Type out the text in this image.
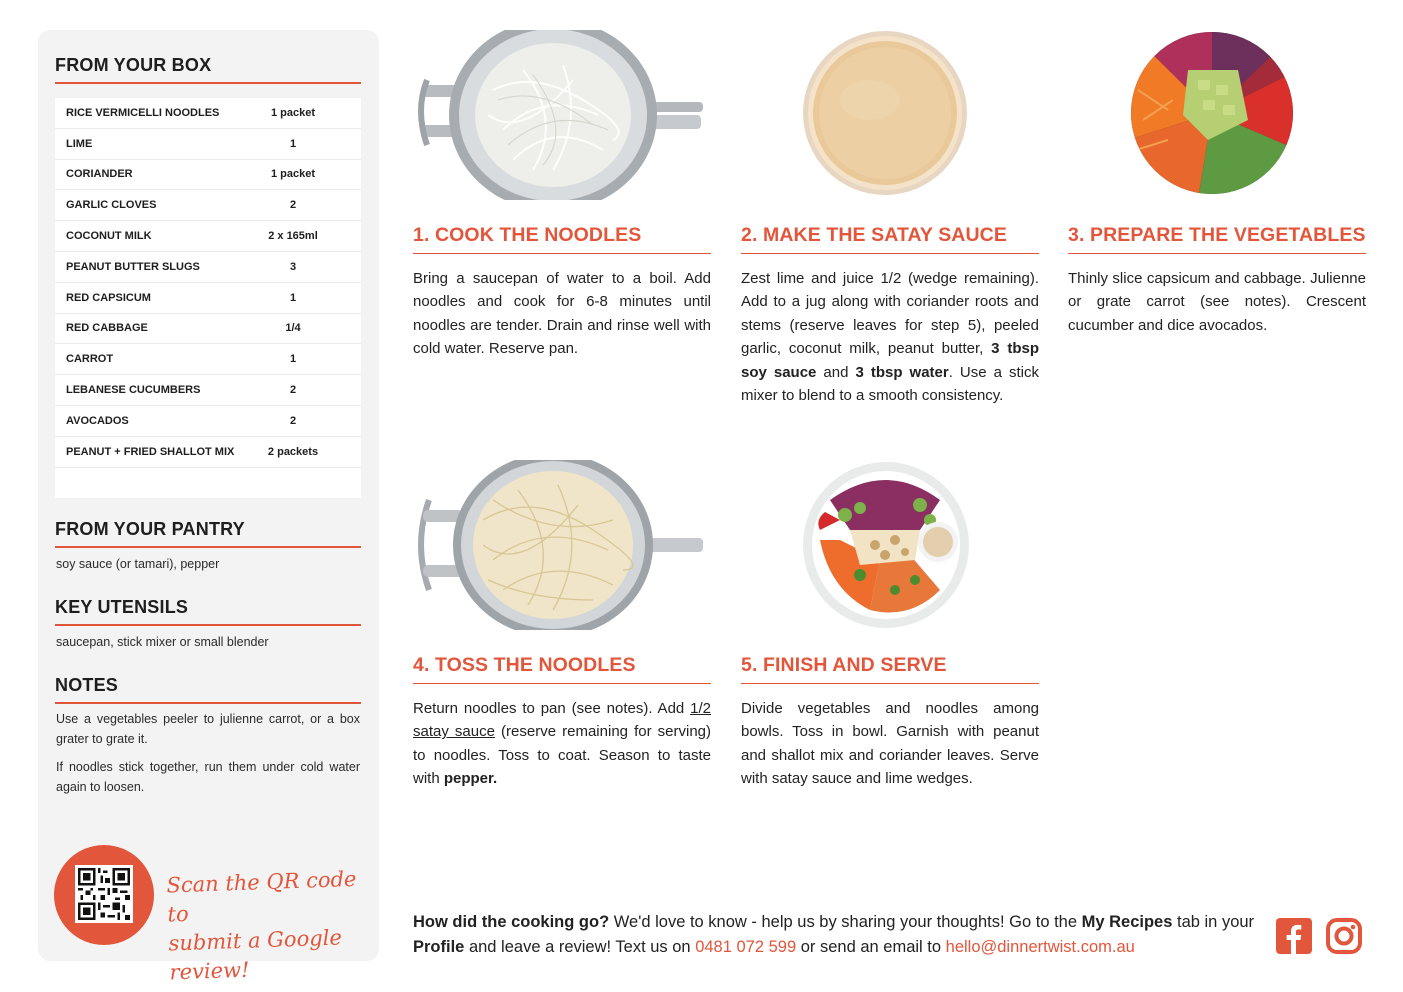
FROM YOUR BOX
RICE VERMICELLI NOODLES	1 packet
LIME	1
CORIANDER	1 packet
GARLIC CLOVES	2
COCONUT MILK	2 x 165ml
PEANUT BUTTER SLUGS	3
RED CAPSICUM	1
RED CABBAGE	1/4
CARROT	1
LEBANESE CUCUMBERS	2
AVOCADOS	2
PEANUT + FRIED SHALLOT MIX	2 packets
FROM YOUR PANTRY
soy sauce (or tamari), pepper
KEY UTENSILS
saucepan, stick mixer or small blender
NOTES
Use a vegetables peeler to julienne carrot, or a box grater to grate it.
If noodles stick together, run them under cold water again to loosen.
Scan the QR code to
submit a Google review!
1. COOK THE NOODLES
Bring a saucepan of water to a boil. Add noodles and cook for 6-8 minutes until noodles are tender. Drain and rinse well with cold water. Reserve pan.
2. MAKE THE SATAY SAUCE
Zest lime and juice 1/2 (wedge remaining). Add to a jug along with coriander roots and stems (reserve leaves for step 5), peeled garlic, coconut milk, peanut butter, 3 tbsp soy sauce and 3 tbsp water. Use a stick mixer to blend to a smooth consistency.
3. PREPARE THE VEGETABLES
Thinly slice capsicum and cabbage. Julienne or grate carrot (see notes). Crescent cucumber and dice avocados.
4. TOSS THE NOODLES
Return noodles to pan (see notes). Add 1/2 satay sauce (reserve remaining for serving) to noodles. Toss to coat. Season to taste with pepper.
5. FINISH AND SERVE
Divide vegetables and noodles among bowls. Toss in bowl. Garnish with peanut and shallot mix and coriander leaves. Serve with satay sauce and lime wedges.
How did the cooking go? We'd love to know - help us by sharing your thoughts! Go to the My Recipes tab in your Profile and leave a review! Text us on 0481 072 599 or send an email to hello@dinnertwist.com.au
